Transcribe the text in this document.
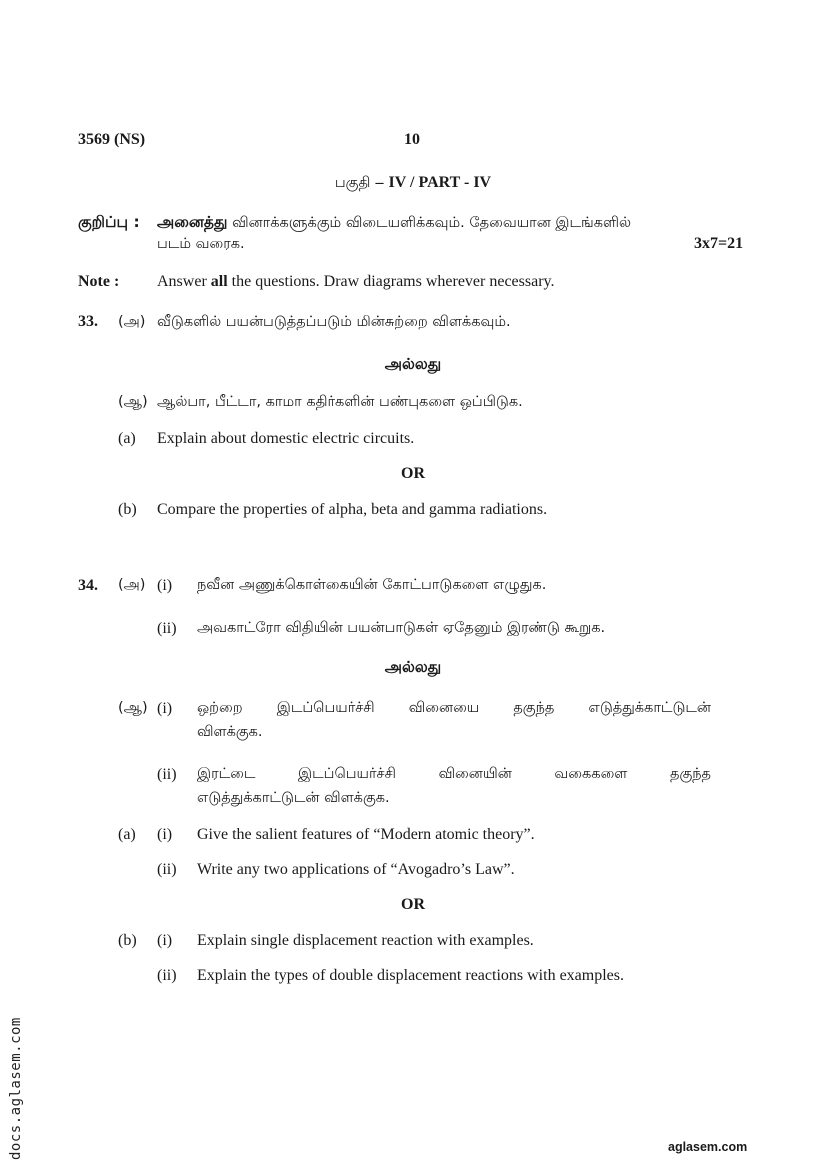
3569 (NS)	10
பகுதி – IV / PART - IV
குறிப்பு : அனைத்து வினாக்களுக்கும் விடையளிக்கவும். தேவையான இடங்களில்
படம் வரைக.	3x7=21
Note : Answer all the questions. Draw diagrams wherever necessary.
33. (அ) வீடுகளில் பயன்படுத்தப்படும் மின்சுற்றை விளக்கவும்.
அல்லது
(ஆ) ஆல்பா, பீட்டா, காமா கதிர்களின் பண்புகளை ஒப்பிடுக.
(a) Explain about domestic electric circuits.
OR
(b) Compare the properties of alpha, beta and gamma radiations.
34. (அ) (i) நவீன அணுக்கொள்கையின் கோட்பாடுகளை எழுதுக.
(ii) அவகாட்ரோ விதியின் பயன்பாடுகள் ஏதேனும் இரண்டு கூறுக.
அல்லது
(ஆ) (i) ஒற்றை இடப்பெயர்ச்சி வினையை தகுந்த எடுத்துக்காட்டுடன்
விளக்குக.
(ii) இரட்டை இடப்பெயர்ச்சி வினையின் வகைகளை தகுந்த
எடுத்துக்காட்டுடன் விளக்குக.
(a) (i) Give the salient features of “Modern atomic theory”.
(ii) Write any two applications of “Avogadro’s Law”.
OR
(b) (i) Explain single displacement reaction with examples.
(ii) Explain the types of double displacement reactions with examples.
docs.aglasem.com	aglasem.com
